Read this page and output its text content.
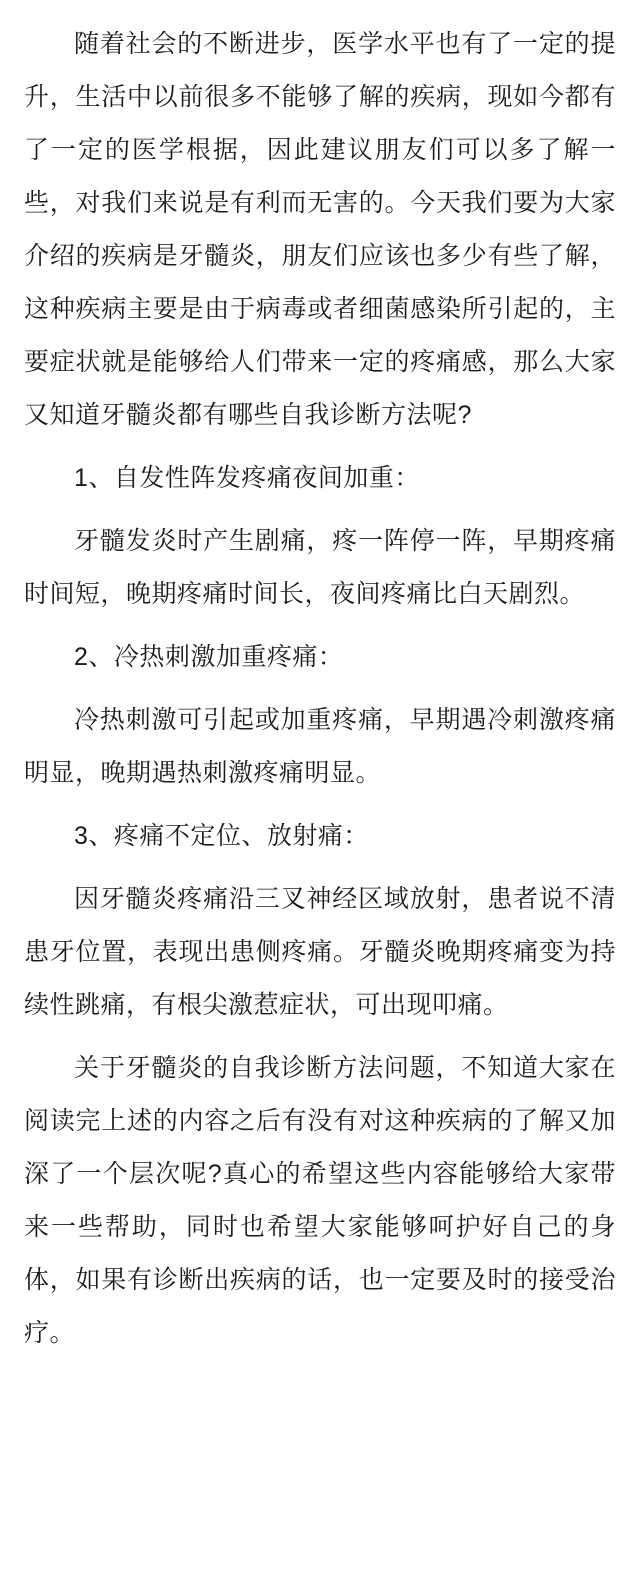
随着社会的不断进步，医学水平也有了一定的提升，生活中以前很多不能够了解的疾病，现如今都有了一定的医学根据，因此建议朋友们可以多了解一些，对我们来说是有利而无害的。今天我们要为大家介绍的疾病是牙髓炎，朋友们应该也多少有些了解，这种疾病主要是由于病毒或者细菌感染所引起的，主要症状就是能够给人们带来一定的疼痛感，那么大家又知道牙髓炎都有哪些自我诊断方法呢?

1、自发性阵发疼痛夜间加重：

牙髓发炎时产生剧痛，疼一阵停一阵，早期疼痛时间短，晚期疼痛时间长，夜间疼痛比白天剧烈。

2、冷热刺激加重疼痛：

冷热刺激可引起或加重疼痛，早期遇冷刺激疼痛明显，晚期遇热刺激疼痛明显。

3、疼痛不定位、放射痛：

因牙髓炎疼痛沿三叉神经区域放射，患者说不清患牙位置，表现出患侧疼痛。牙髓炎晚期疼痛变为持续性跳痛，有根尖激惹症状，可出现叩痛。

关于牙髓炎的自我诊断方法问题，不知道大家在阅读完上述的内容之后有没有对这种疾病的了解又加深了一个层次呢?真心的希望这些内容能够给大家带来一些帮助，同时也希望大家能够呵护好自己的身体，如果有诊断出疾病的话，也一定要及时的接受治疗。
